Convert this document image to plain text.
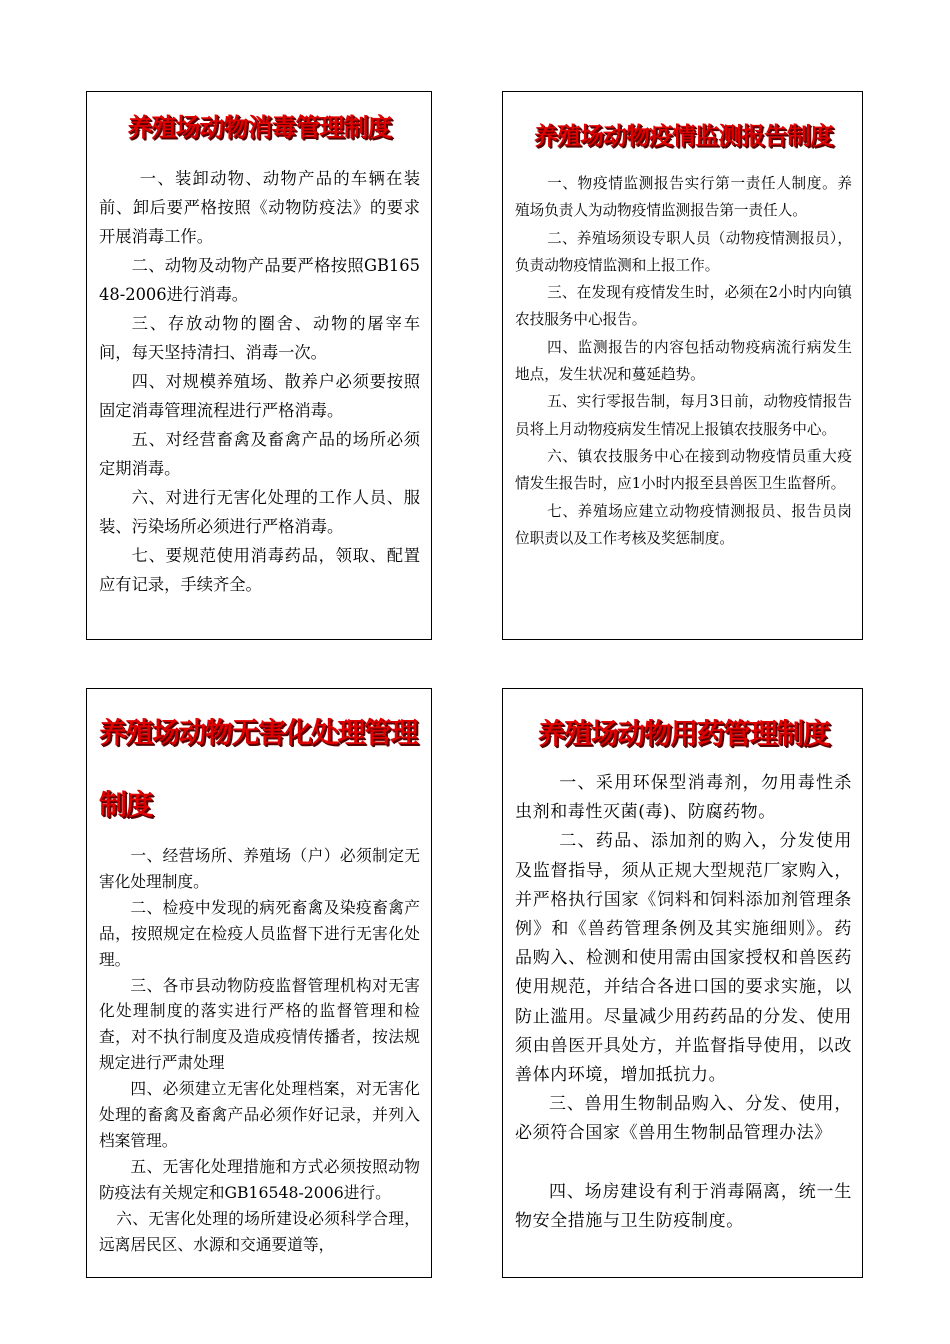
养殖场动物消毒管理制度

一、装卸动物、动物产品的车辆在装前、卸后要严格按照《动物防疫法》的要求开展消毒工作。

二、动物及动物产品要严格按照GB16548-2006进行消毒。

三、存放动物的圈舍、动物的屠宰车间，每天坚持清扫、消毒一次。

四、对规模养殖场、散养户必须要按照固定消毒管理流程进行严格消毒。

五、对经营畜禽及畜禽产品的场所必须定期消毒。

六、对进行无害化处理的工作人员、服装、污染场所必须进行严格消毒。

七、要规范使用消毒药品，领取、配置应有记录，手续齐全。

养殖场动物疫情监测报告制度

一、物疫情监测报告实行第一责任人制度。养殖场负责人为动物疫情监测报告第一责任人。

二、养殖场须设专职人员（动物疫情测报员），负责动物疫情监测和上报工作。

三、在发现有疫情发生时，必须在2小时内向镇农技服务中心报告。

四、监测报告的内容包括动物疫病流行病发生地点，发生状况和蔓延趋势。

五、实行零报告制，每月3日前，动物疫情报告员将上月动物疫病发生情况上报镇农技服务中心。

六、镇农技服务中心在接到动物疫情员重大疫情发生报告时，应1小时内报至县兽医卫生监督所。

七、养殖场应建立动物疫情测报员、报告员岗位职责以及工作考核及奖惩制度。

养殖场动物无害化处理管理制度

一、经营场所、养殖场（户）必须制定无害化处理制度。

二、检疫中发现的病死畜禽及染疫畜禽产品，按照规定在检疫人员监督下进行无害化处理。

三、各市县动物防疫监督管理机构对无害化处理制度的落实进行严格的监督管理和检查，对不执行制度及造成疫情传播者，按法规规定进行严肃处理

四、必须建立无害化处理档案，对无害化处理的畜禽及畜禽产品必须作好记录，并列入档案管理。

五、无害化处理措施和方式必须按照动物防疫法有关规定和GB16548-2006进行。

六、无害化处理的场所建设必须科学合理，远离居民区、水源和交通要道等，

养殖场动物用药管理制度

一、采用环保型消毒剂，勿用毒性杀虫剂和毒性灭菌(毒)、防腐药物。

二、药品、添加剂的购入，分发使用及监督指导，须从正规大型规范厂家购入，并严格执行国家《饲料和饲料添加剂管理条例》和《兽药管理条例及其实施细则》。药品购入、检测和使用需由国家授权和兽医药使用规范，并结合各进口国的要求实施，以防止滥用。尽量减少用药药品的分发、使用须由兽医开具处方，并监督指导使用，以改善体内环境，增加抵抗力。

三、兽用生物制品购入、分发、使用，必须符合国家《兽用生物制品管理办法》

四、场房建设有利于消毒隔离，统一生物安全措施与卫生防疫制度。
